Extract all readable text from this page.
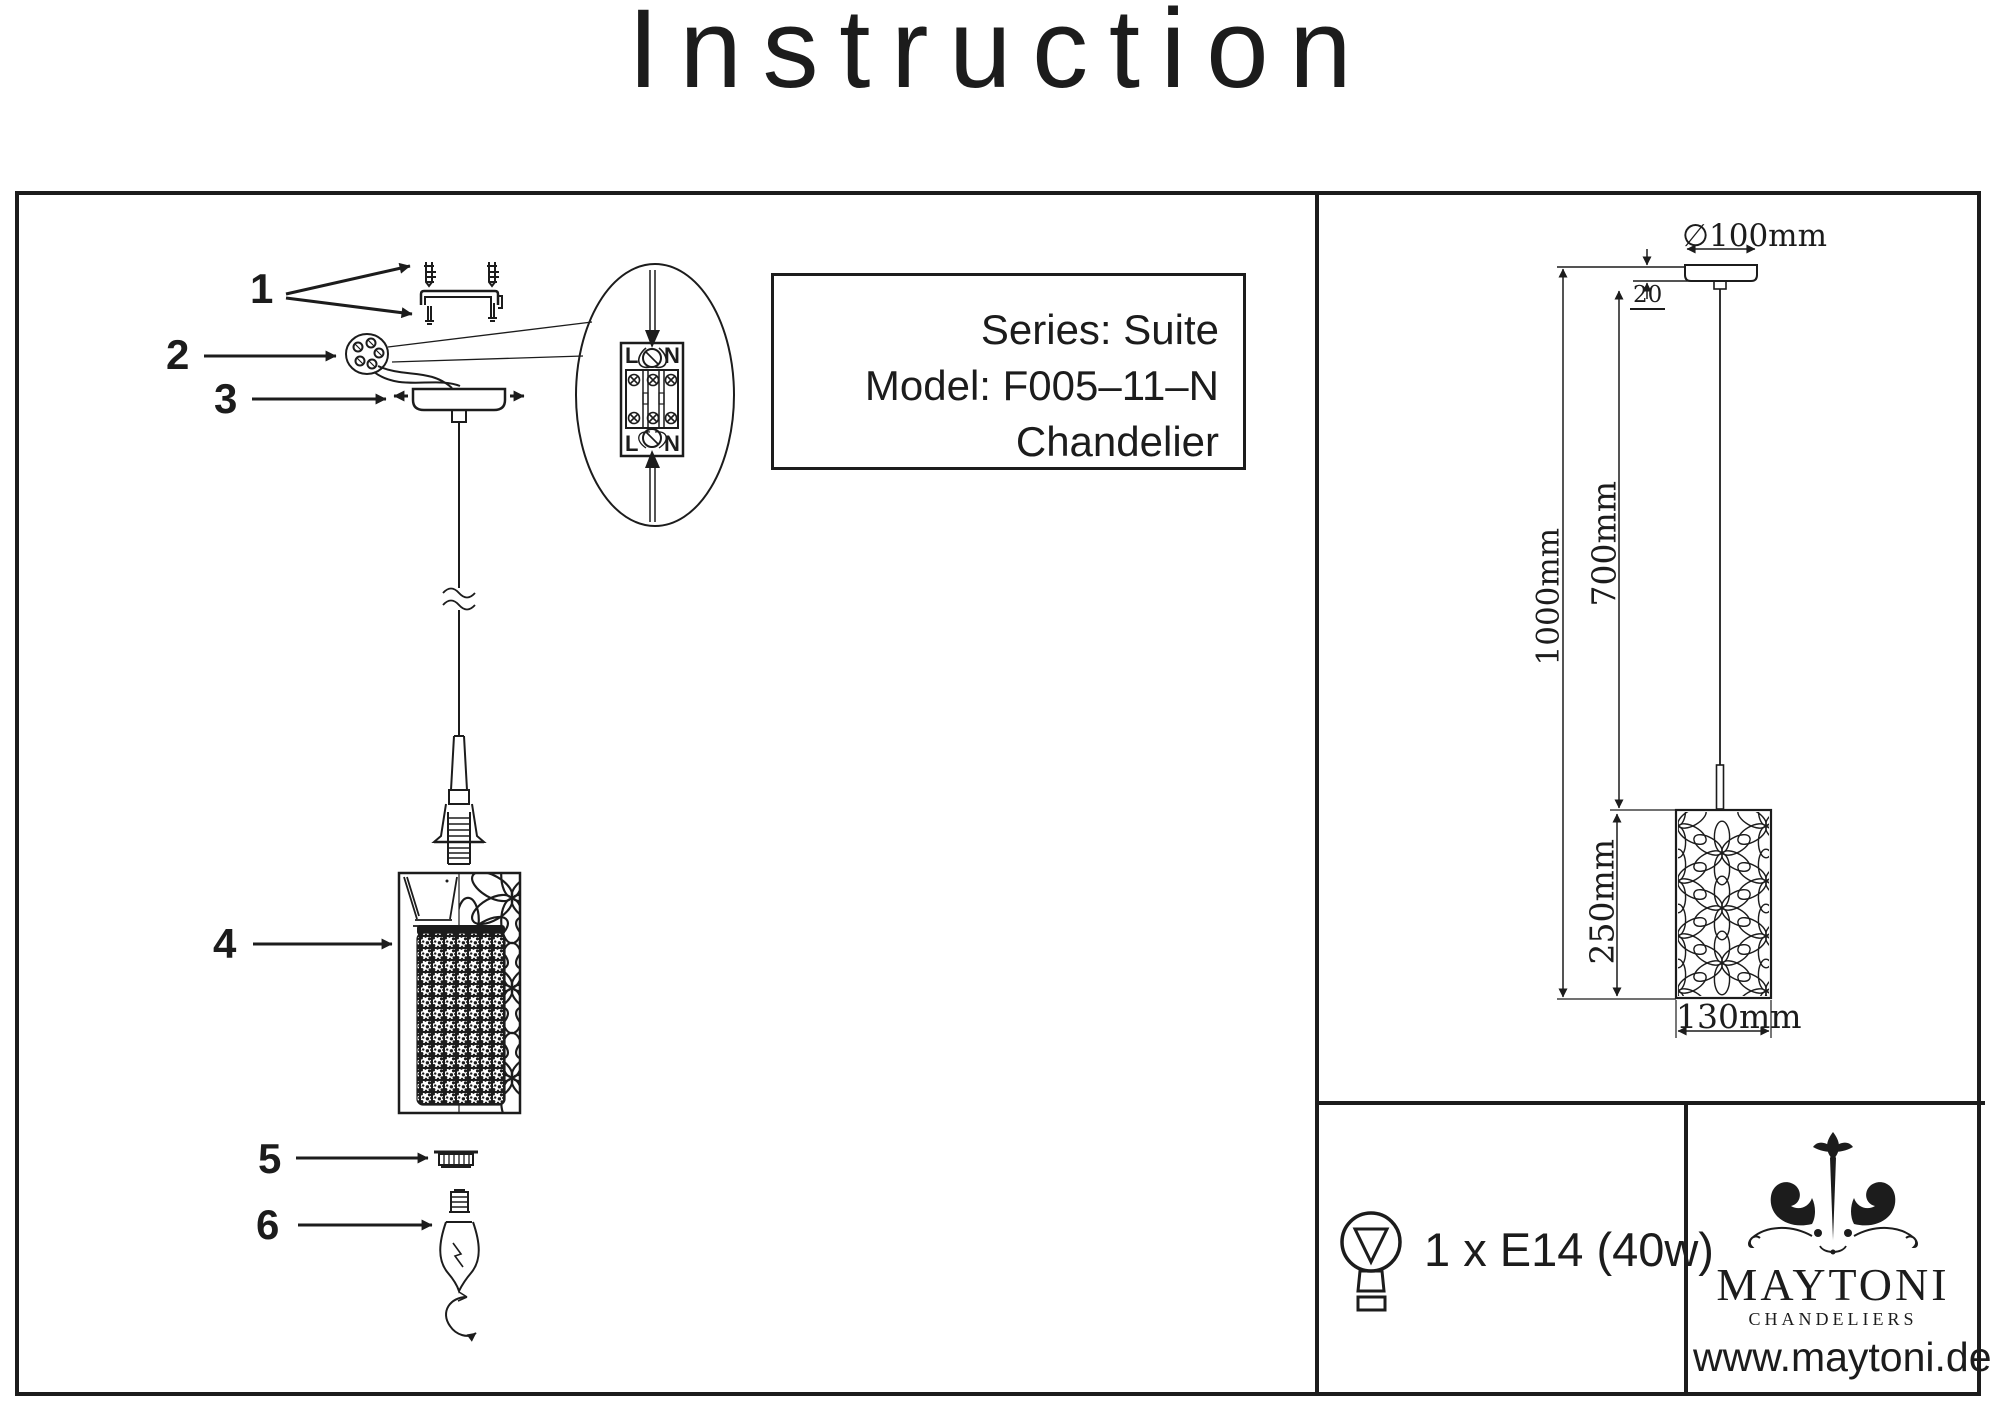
Instruction
Series: Suite
Model: F005–11–N
Chandelier
1
2
3
4
5
6
L N
L N
∅100mm
20
1000mm 700mm
250mm
130mm
1 x E14 (40w)
MAYTONI
CHANDELIERS
www.maytoni.de
